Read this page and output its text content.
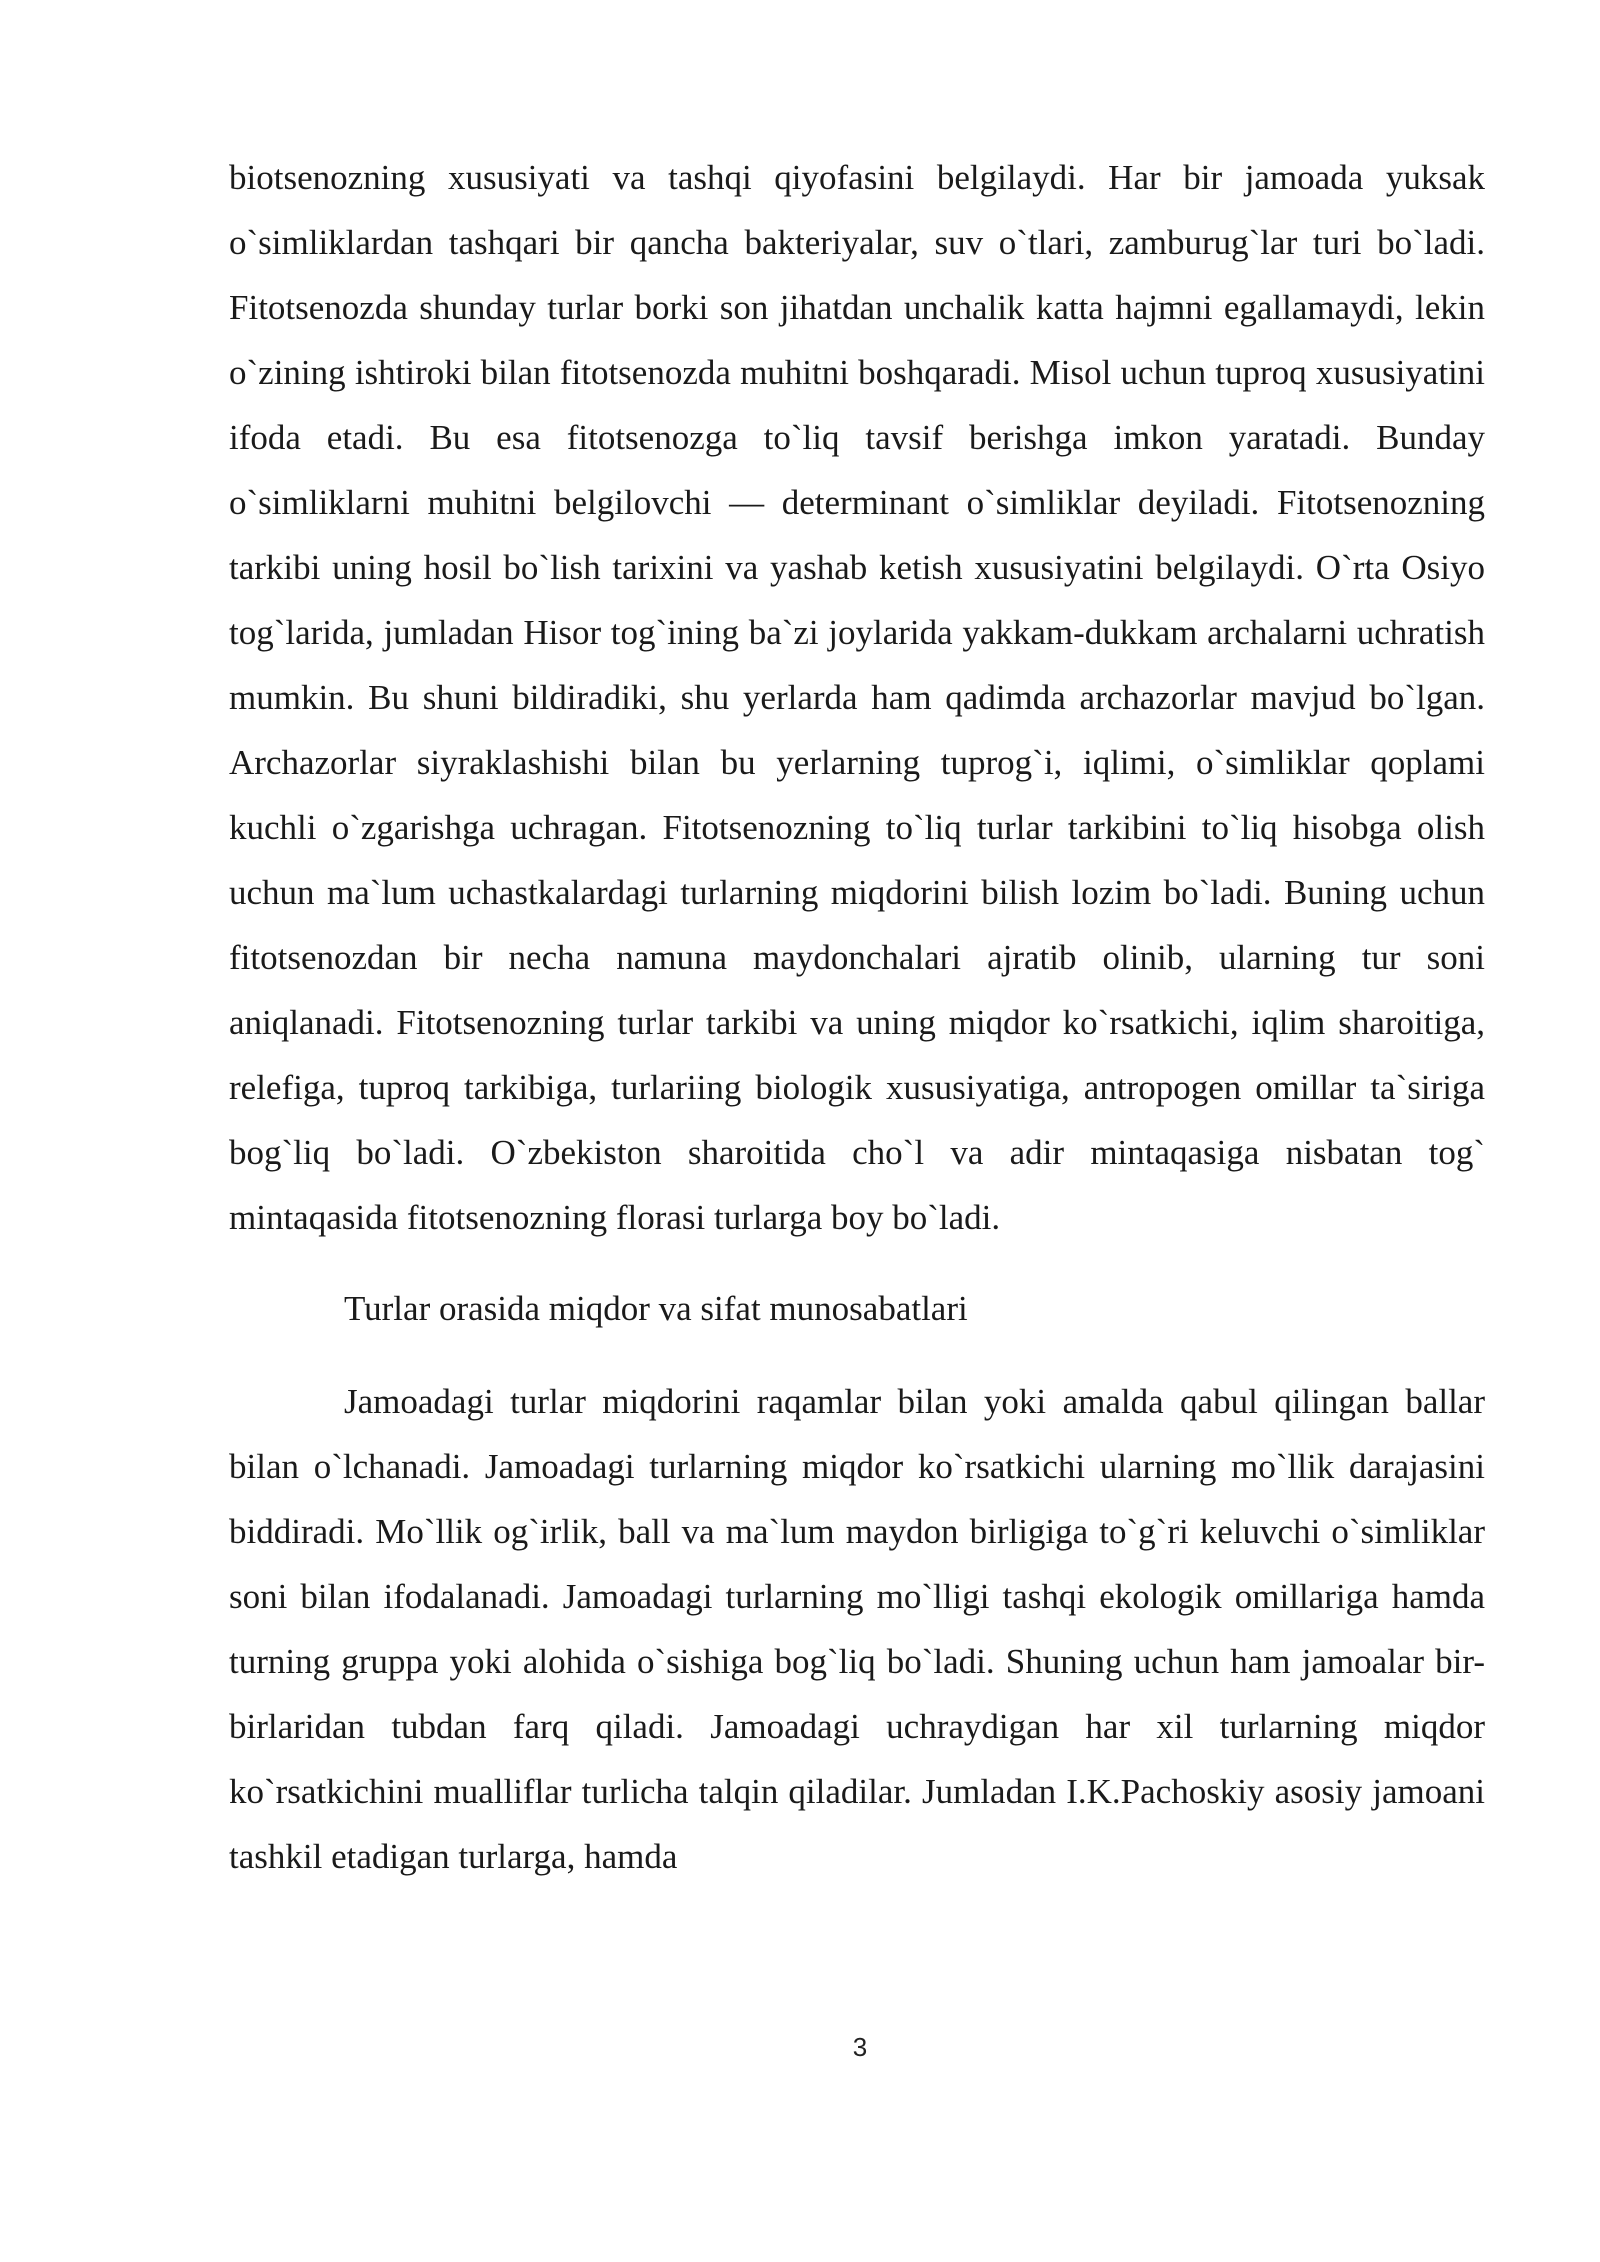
biotsenozning xususiyati va tashqi qiyofasini belgilaydi. Har bir jamoada yuksak o`simliklardan tashqari bir qancha bakteriyalar, suv o`tlari, zamburug`lar turi bo`ladi. Fitotsenozda shunday turlar borki son jihatdan unchalik katta hajmni egallamaydi, lekin o`zining ishtiroki bilan fitotsenozda muhitni boshqaradi. Misol uchun tuproq xususiyatini ifoda etadi. Bu esa fitotsenozga to`liq tavsif berishga imkon yaratadi. Bunday o`simliklarni muhitni belgilovchi — determinant o`simliklar deyiladi. Fitotsenozning tarkibi uning hosil bo`lish tarixini va yashab ketish xususiyatini belgilaydi. O`rta Osiyo tog`larida, jumladan Hisor tog`ining ba`zi joylarida yakkam-dukkam archalarni uchratish mumkin. Bu shuni bildiradiki, shu yerlarda ham qadimda archazorlar mavjud bo`lgan. Archazorlar siyraklashishi bilan bu yerlarning tuprog`i, iqlimi, o`simliklar qoplami kuchli o`zgarishga uchragan. Fitotsenozning to`liq turlar tarkibini to`liq hisobga olish uchun ma`lum uchastkalardagi turlarning miqdorini bilish lozim bo`ladi. Buning uchun fitotsenozdan bir necha namuna maydonchalari ajratib olinib, ularning tur soni aniqlanadi. Fitotsenozning turlar tarkibi va uning miqdor ko`rsatkichi, iqlim sharoitiga, relefiga, tuproq tarkibiga, turlariing biologik xususiyatiga, antropogen omillar ta`siriga bog`liq bo`ladi. O`zbekiston sharoitida cho`l va adir mintaqasiga nisbatan tog` mintaqasida fitotsenozning florasi turlarga boy bo`ladi.

Turlar orasida miqdor va sifat munosabatlari

Jamoadagi turlar miqdorini raqamlar bilan yoki amalda qabul qilingan ballar bilan o`lchanadi. Jamoadagi turlarning miqdor ko`rsatkichi ularning mo`llik darajasini biddiradi. Mo`llik og`irlik, ball va ma`lum maydon birligiga to`g`ri keluvchi o`simliklar soni bilan ifodalanadi. Jamoadagi turlarning mo`lligi tashqi ekologik omillariga hamda turning gruppa yoki alohida o`sishiga bog`liq bo`ladi. Shuning uchun ham jamoalar bir-birlaridan tubdan farq qiladi. Jamoadagi uchraydigan har xil turlarning miqdor ko`rsatkichini mualliflar turlicha talqin qiladilar. Jumladan I.K.Pachoskiy asosiy jamoani tashkil etadigan turlarga, hamda

3
